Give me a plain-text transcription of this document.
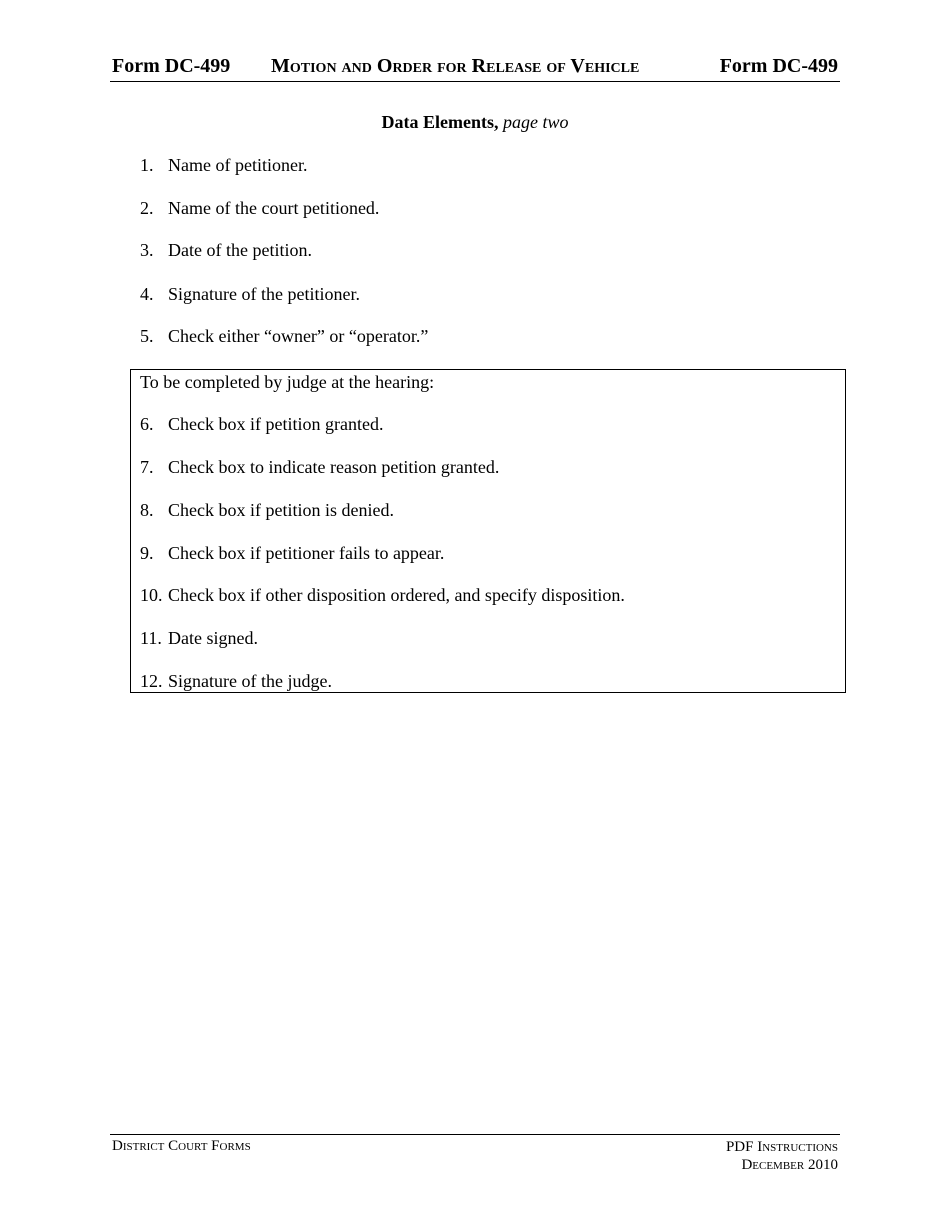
Form DC-499 Motion and Order for Release of Vehicle	Form DC-499
Data Elements, page two
1. Name of petitioner.
2. Name of the court petitioned.
3. Date of the petition.
4. Signature of the petitioner.
5. Check either “owner” or “operator.”
To be completed by judge at the hearing:
6. Check box if petition granted.
7. Check box to indicate reason petition granted.
8. Check box if petition is denied.
9. Check box if petitioner fails to appear.
10. Check box if other disposition ordered, and specify disposition.
11. Date signed.
12. Signature of the judge.
District Court Forms	PDF Instructions
December 2010
